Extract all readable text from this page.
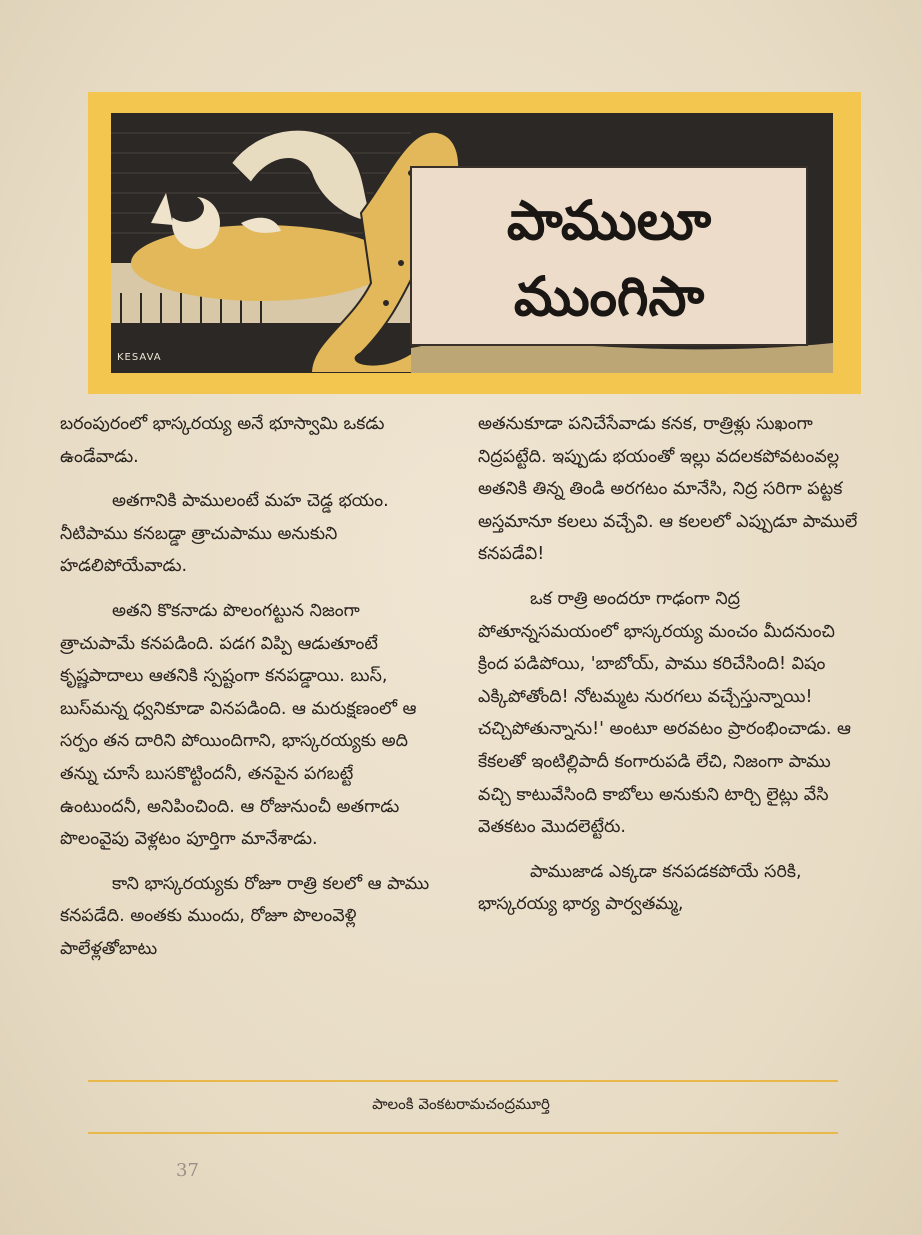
పాములూ
ముంగిసా
KESAVA

బరంపురంలో భాస్కరయ్య అనే భూస్వామి ఒకడు ఉండేవాడు.

అతగానికి పాములంటే మహ చెడ్డ భయం. నీటిపాము కనబడ్డా త్రాచుపాము అనుకుని హడలిపోయేవాడు.

అతని కొకనాడు పొలంగట్టున నిజంగా త్రాచుపామే కనపడింది. పడగ విప్పి ఆడుతూంటే కృష్ణపాదాలు ఆతనికి స్పష్టంగా కనపడ్డాయి. బుస్, బుస్‌మన్న ధ్వనికూడా వినపడింది. ఆ మరుక్షణంలో ఆ సర్పం తన దారిని పోయిందిగాని, భాస్కరయ్యకు అది తన్ను చూసే బుసకొట్టిందనీ, తనపైన పగబట్టే ఉంటుందనీ, అనిపించింది. ఆ రోజునుంచీ అతగాడు పొలంవైపు వెళ్లటం పూర్తిగా మానేశాడు.

కాని భాస్కరయ్యకు రోజూ రాత్రి కలలో ఆ పాము కనపడేది. అంతకు ముందు, రోజూ పొలంవెళ్లి పాలేళ్లతోబాటు

అతనుకూడా పనిచేసేవాడు కనక, రాత్రిళ్లు సుఖంగా నిద్రపట్టేది. ఇప్పుడు భయంతో ఇల్లు వదలకపోవటంవల్ల అతనికి తిన్న తిండి అరగటం మానేసి, నిద్ర సరిగా పట్టక అస్తమానూ కలలు వచ్చేవి. ఆ కలలలో ఎప్పుడూ పాములే కనపడేవి!

ఒక రాత్రి అందరూ గాఢంగా నిద్ర పోతూన్నసమయంలో భాస్కరయ్య మంచం మీదనుంచి క్రింద పడిపోయి, 'బాబోయ్, పాము కరిచేసింది! విషం ఎక్కిపోతోంది! నోటమ్మట నురగలు వచ్చేస్తున్నాయి! చచ్చిపోతున్నాను!' అంటూ అరవటం ప్రారంభించాడు. ఆ కేకలతో ఇంటిల్లిపాదీ కంగారుపడి లేచి, నిజంగా పాము వచ్చి కాటువేసింది కాబోలు అనుకుని టార్చి లైట్లు వేసి వెతకటం మొదలెట్టేరు.

పాముజాడ ఎక్కడా కనపడకపోయే సరికి, భాస్కరయ్య భార్య పార్వతమ్మ,

పాలంకి వెంకటరామచంద్రమూర్తి
37
